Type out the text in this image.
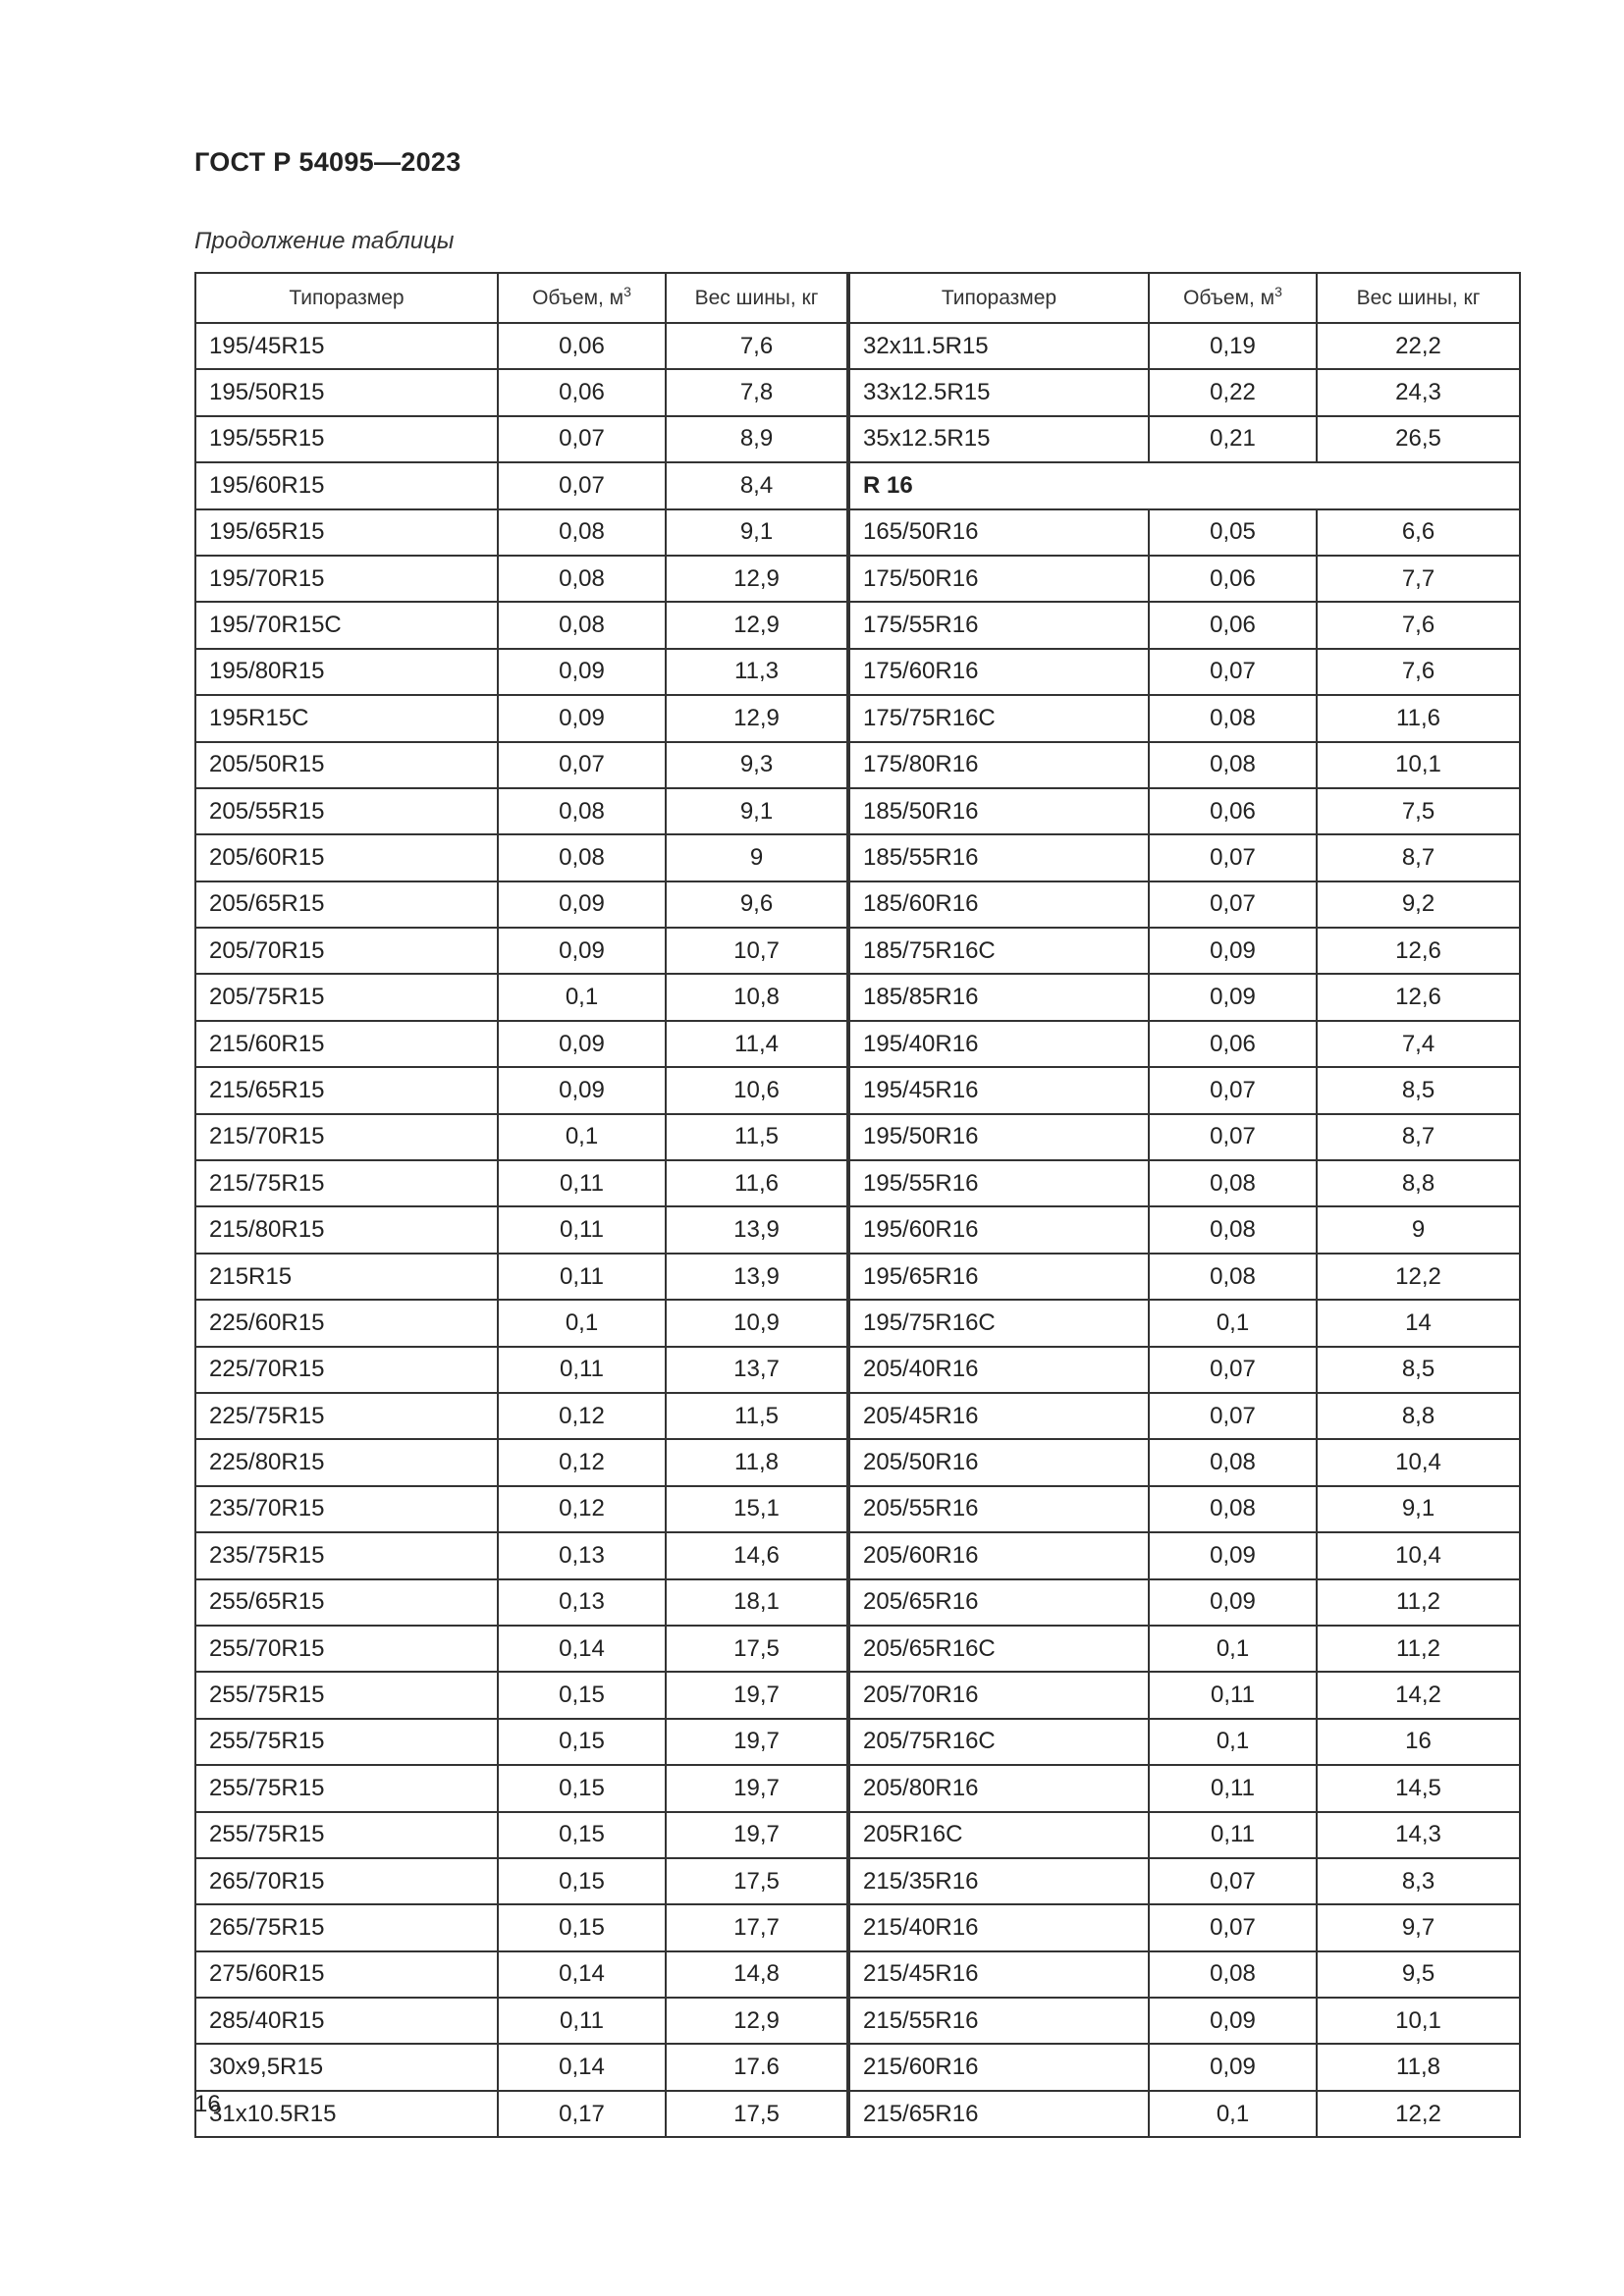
ГОСТ Р 54095—2023
Продолжение таблицы
Типоразмер	Объем, $м^3$	Вес шины, кг
195/45R15	0,06	7,6
195/50R15	0,06	7,8
195/55R15	0,07	8,9
195/60R15	0,07	8,4
195/65R15	0,08	9,1
195/70R15	0,08	12,9
195/70R15C	0,08	12,9
195/80R15	0,09	11,3
195R15C	0,09	12,9
205/50R15	0,07	9,3
205/55R15	0,08	9,1
205/60R15	0,08	9
205/65R15	0,09	9,6
205/70R15	0,09	10,7
205/75R15	0,1	10,8
215/60R15	0,09	11,4
215/65R15	0,09	10,6
215/70R15	0,1	11,5
215/75R15	0,11	11,6
215/80R15	0,11	13,9
215R15	0,11	13,9
225/60R15	0,1	10,9
225/70R15	0,11	13,7
225/75R15	0,12	11,5
225/80R15	0,12	11,8
235/70R15	0,12	15,1
235/75R15	0,13	14,6
255/65R15	0,13	18,1
255/70R15	0,14	17,5
255/75R15	0,15	19,7
255/75R15	0,15	19,7
255/75R15	0,15	19,7
255/75R15	0,15	19,7
265/70R15	0,15	17,5
265/75R15	0,15	17,7
275/60R15	0,14	14,8
285/40R15	0,11	12,9
30x9,5R15	0,14	17.6
31x10.5R15	0,17	17,5
Типоразмер	Объем, $м^3$	Вес шины, кг
32x11.5R15	0,19	22,2
33x12.5R15	0,22	24,3
35x12.5R15	0,21	26,5
R 16		
165/50R16	0,05	6,6
175/50R16	0,06	7,7
175/55R16	0,06	7,6
175/60R16	0,07	7,6
175/75R16C	0,08	11,6
175/80R16	0,08	10,1
185/50R16	0,06	7,5
185/55R16	0,07	8,7
185/60R16	0,07	9,2
185/75R16C	0,09	12,6
185/85R16	0,09	12,6
195/40R16	0,06	7,4
195/45R16	0,07	8,5
195/50R16	0,07	8,7
195/55R16	0,08	8,8
195/60R16	0,08	9
195/65R16	0,08	12,2
195/75R16C	0,1	14
205/40R16	0,07	8,5
205/45R16	0,07	8,8
205/50R16	0,08	10,4
205/55R16	0,08	9,1
205/60R16	0,09	10,4
205/65R16	0,09	11,2
205/65R16C	0,1	11,2
205/70R16	0,11	14,2
205/75R16C	0,1	16
205/80R16	0,11	14,5
205R16C	0,11	14,3
215/35R16	0,07	8,3
215/40R16	0,07	9,7
215/45R16	0,08	9,5
215/55R16	0,09	10,1
215/60R16	0,09	11,8
215/65R16	0,1	12,2
16
